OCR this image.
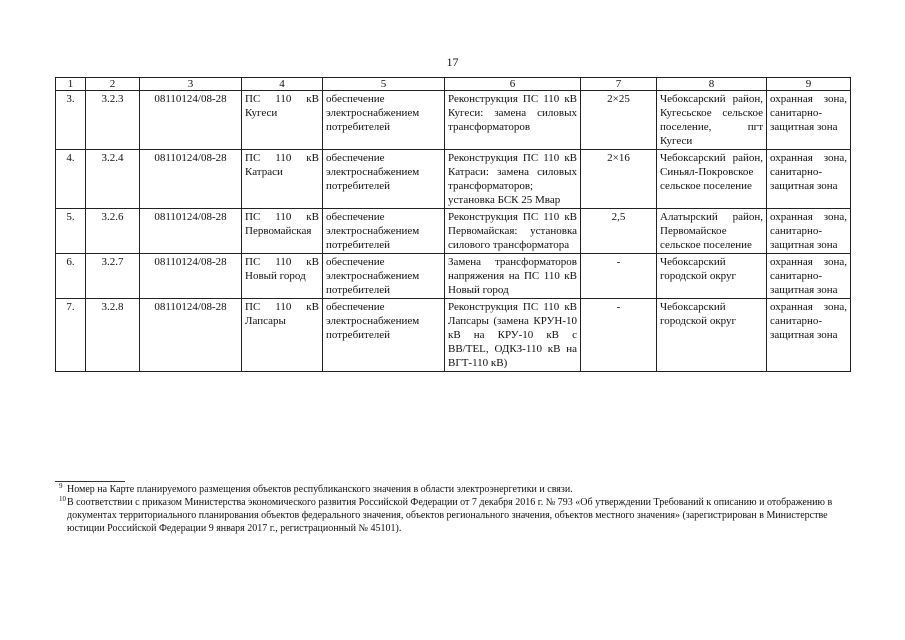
17
1	2	3	4	5	6	7	8	9
3.	3.2.3	08110124/08-28	ПС 110 кВ Кугеси	обеспечение электроснабжением потребителей	Реконструкция ПС 110 кВ Кугеси: замена силовых трансформаторов	2×25	Чебоксарский район, Кугесьское сельское поселение, пгт Кугеси	охранная зона, санитарно-защитная зона
4.	3.2.4	08110124/08-28	ПС 110 кВ Катраси	обеспечение электроснабжением потребителей	Реконструкция ПС 110 кВ Катраси: замена силовых трансформаторов; установка БСК 25 Мвар	2×16	Чебоксарский район, Синьял-Покровское сельское поселение	охранная зона, санитарно-защитная зона
5.	3.2.6	08110124/08-28	ПС 110 кВ Первомайская	обеспечение электроснабжением потребителей	Реконструкция ПС 110 кВ Первомайская: установка силового трансформатора	2,5	Алатырский район, Первомайское сельское поселение	охранная зона, санитарно-защитная зона
6.	3.2.7	08110124/08-28	ПС 110 кВ Новый город	обеспечение электроснабжением потребителей	Замена трансформаторов напряжения на ПС 110 кВ Новый город	-	Чебоксарский городской округ	охранная зона, санитарно-защитная зона
7.	3.2.8	08110124/08-28	ПС 110 кВ Лапсары	обеспечение электроснабжением потребителей	Реконструкция ПС 110 кВ Лапсары (замена КРУН-10 кВ на КРУ-10 кВ с ВВ/TEL, ОДКЗ-110 кВ на ВГТ-110 кВ)	-	Чебоксарский городской округ	охранная зона, санитарно-защитная зона
9 Номер на Карте планируемого размещения объектов республиканского значения в области электроэнергетики и связи.
10 В соответствии с приказом Министерства экономического развития Российской Федерации от 7 декабря 2016 г. № 793 «Об утверждении Требований к описанию и отображению в документах территориального планирования объектов федерального значения, объектов регионального значения, объектов местного значения» (зарегистрирован в Министерстве юстиции Российской Федерации 9 января 2017 г., регистрационный № 45101).
